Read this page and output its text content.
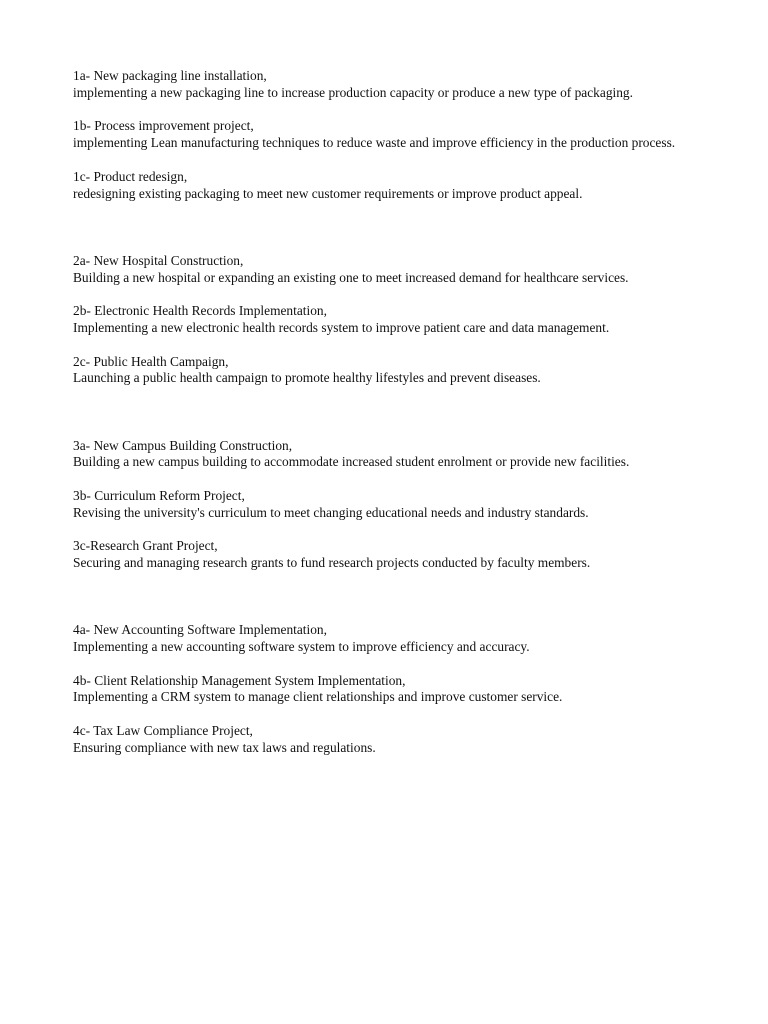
1a- New packaging line installation,

implementing a new packaging line to increase production capacity or produce a new type of packaging.

1b- Process improvement project,

implementing Lean manufacturing techniques to reduce waste and improve efficiency in the production process.

1c- Product redesign,

redesigning existing packaging to meet new customer requirements or improve product appeal.

2a- New Hospital Construction,

Building a new hospital or expanding an existing one to meet increased demand for healthcare services.

2b- Electronic Health Records Implementation,

Implementing a new electronic health records system to improve patient care and data management.

2c- Public Health Campaign,

Launching a public health campaign to promote healthy lifestyles and prevent diseases.

3a- New Campus Building Construction,

Building a new campus building to accommodate increased student enrolment or provide new facilities.

3b- Curriculum Reform Project,

Revising the university's curriculum to meet changing educational needs and industry standards.

3c-Research Grant Project,

Securing and managing research grants to fund research projects conducted by faculty members.

4a- New Accounting Software Implementation,

Implementing a new accounting software system to improve efficiency and accuracy.

4b- Client Relationship Management System Implementation,

Implementing a CRM system to manage client relationships and improve customer service.

4c- Tax Law Compliance Project,

Ensuring compliance with new tax laws and regulations.
